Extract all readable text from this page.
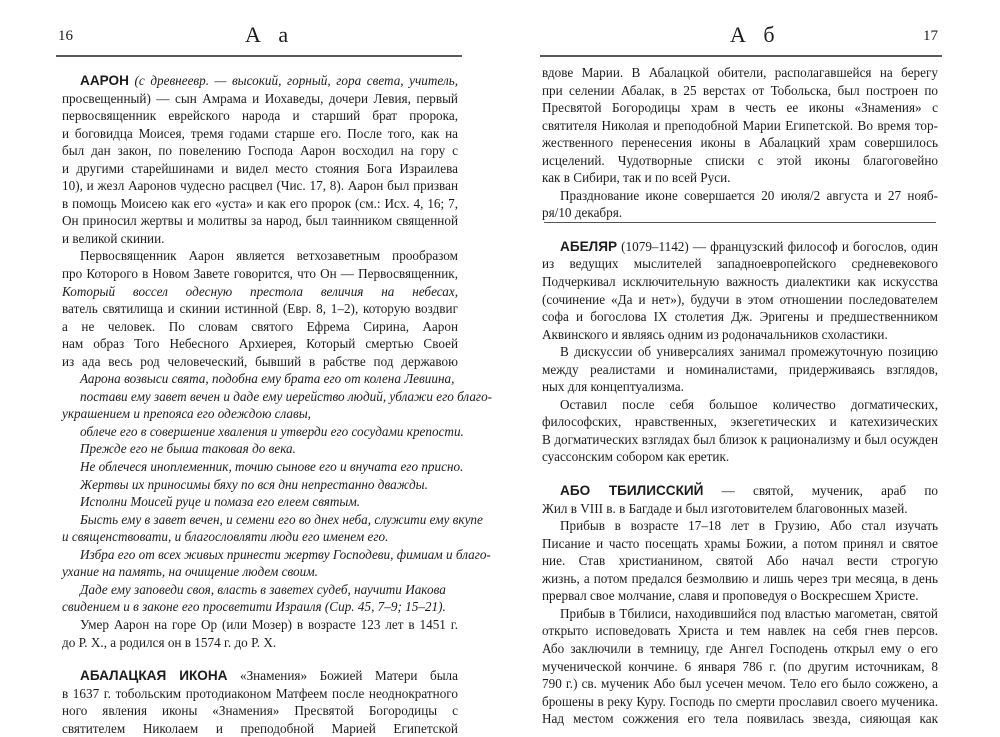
16	А а
ААРОН (с древнеевр. — высокий, горный, гора света, учитель,
просвещенный) — сын Амрама и Иохаведы, дочери Левия, первый
первосвященник еврейского народа и старший брат пророка,
и боговидца Моисея, тремя годами старше его. После того, как на
был дан закон, по повелению Господа Аарон восходил на гору с
и другими старейшинами и видел место стояния Бога Израилева
10), и жезл Ааронов чудесно расцвел (Чис. 17, 8). Аарон был призван
в помощь Моисею как его «уста» и как его пророк (см.: Исх. 4, 16; 7,
Он приносил жертвы и молитвы за народ, был таинником священной
и великой скинии.
Первосвященник Аарон является ветхозаветным прообразом
про Которого в Новом Завете говорится, что Он — Первосвященник,
Который воссел одесную престола величия на небесах,
ватель святилища и скинии истинной (Евр. 8, 1–2), которую воздвиг
а не человек. По словам святого Ефрема Сирина, Аарон
нам образ Того Небесного Архиерея, Который смертью Своей
из ада весь род человеческий, бывший в рабстве под державою
Аарона возвыси свята, подобна ему брата его от колена Левиина,
постави ему завет вечен и даде ему иерейство людий, ублажи его благо-
украшением и препояса его одеждою славы,
облече его в совершение хваления и утверди его сосудами крепости.
Прежде его не быша таковая до века.
Не облечеся иноплеменник, точию сынове его и внучата его присно.
Жертвы их приносимы бяху по вся дни непрестанно дважды.
Исполни Моисей руце и помаза его елеем святым.
Бысть ему в завет вечен, и семени его во днех неба, служити ему вкупе
и священствовати, и благословляти люди его именем его.
Избра его от всех живых принести жертву Господеви, фимиам и благо-
ухание на память, на очищение людем своим.
Даде ему заповеди своя, власть в заветех судеб, научити Иакова
свидением и в законе его просветити Израиля (Сир. 45, 7–9; 15–21).
Умер Аарон на горе Ор (или Мозер) в возрасте 123 лет в 1451 г.
до Р. Х., а родился он в 1574 г. до Р. Х.
АБАЛАЦКАЯ ИКОНА «Знамения» Божией Матери была
в 1637 г. тобольским протодиаконом Матфеем после неоднократного
ного явления иконы «Знамения» Пресвятой Богородицы с
святителем Николаем и преподобной Марией Египетской
А б	17
вдове Марии. В Абалацкой обители, располагавшейся на берегу
при селении Абалак, в 25 верстах от Тобольска, был построен по
Пресвятой Богородицы храм в честь ее иконы «Знамения» с
святителя Николая и преподобной Марии Египетской. Во время тор-
жественного перенесения иконы в Абалацкий храм совершилось
исцелений. Чудотворные списки с этой иконы благоговейно
как в Сибири, так и по всей Руси.
Празднование иконе совершается 20 июля/2 августа и 27 нояб-
ря/10 декабря.
АБЕЛЯР (1079–1142) — французский философ и богослов, один
из ведущих мыслителей западноевропейского средневекового
Подчеркивал исключительную важность диалектики как искусства
(сочинение «Да и нет»), будучи в этом отношении последователем
софа и богослова IX столетия Дж. Эригены и предшественником
Аквинского и являясь одним из родоначальников схоластики.
В дискуссии об универсалиях занимал промежуточную позицию
между реалистами и номиналистами, придерживаясь взглядов,
ных для концептуализма.
Оставил после себя большое количество догматических,
философских, нравственных, экзегетических и катехизических
В догматических взглядах был близок к рационализму и был осужден
суассонским собором как еретик.
АБО ТБИЛИССКИЙ — святой, мученик, араб по
Жил в VIII в. в Багдаде и был изготовителем благовонных мазей.
Прибыв в возрасте 17–18 лет в Грузию, Або стал изучать
Писание и часто посещать храмы Божии, а потом принял и святое
ние. Став христианином, святой Або начал вести строгую
жизнь, а потом предался безмолвию и лишь через три месяца, в день
прервал свое молчание, славя и проповедуя о Воскресшем Христе.
Прибыв в Тбилиси, находившийся под властью магометан, святой
открыто исповедовать Христа и тем навлек на себя гнев персов.
Або заключили в темницу, где Ангел Господень открыл ему о его
мученической кончине. 6 января 786 г. (по другим источникам, 8
790 г.) св. мученик Або был усечен мечом. Тело его было сожжено, а
брошены в реку Куру. Господь по смерти прославил своего мученика.
Над местом сожжения его тела появилась звезда, сияющая как
